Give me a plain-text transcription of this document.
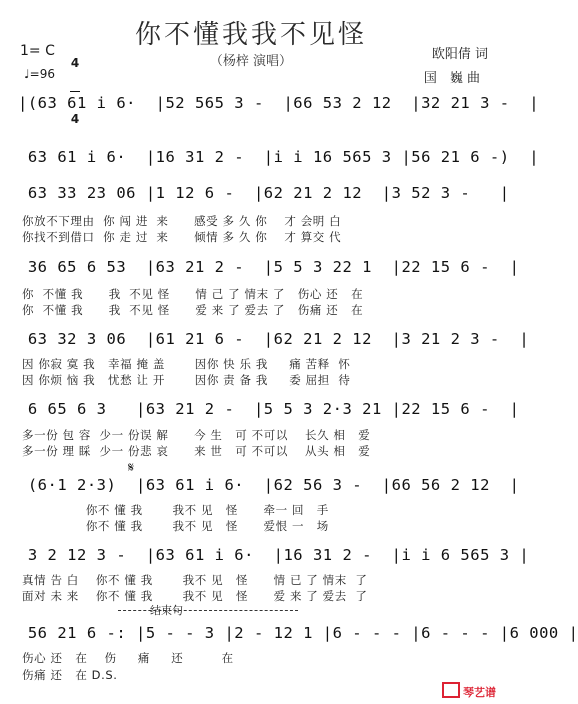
你不懂我我不见怪
（杨梓 演唱）
1= C

4

4

♩=96
欧阳倩 词
国　巍 曲
|(63 61 i 6·  |52 565 3 -  |66 53 2 12  |32 21 3 -  |
63 61 i 6·  |16 31 2 -  |i i 16 565 3 |56 21 6 -)  |
63 33 23 06 |1 12 6 -  |62 21 2 12  |3 52 3 -   |
你放不下理由  你 闯 进  来      感受 多 久 你    才 会明 白
你找不到借口  你 走 过  来      倾情 多 久 你    才 算交 代
36 65 6 53  |63 21 2 -  |5 5 3 22 1  |22 15 6 -  |
你  不懂 我      我  不见 怪      情 己 了 情末 了   伤心 还   在
你  不懂 我      我  不见 怪      爱 来 了 爱去 了   伤痛 还   在
63 32 3 06  |61 21 6 -  |62 21 2 12  |3 21 2 3 -  |
因 你寂 寞 我   幸福 掩 盖       因你 快 乐 我     痛 苦释  怀
因 你烦 恼 我   忧愁 让 开       因你 责 备 我     委 屈担  待
6 65 6 3   |63 21 2 -  |5 5 3 2·3 21 |22 15 6 -  |
多一份 包 容  少一 份误 解      今 生   可 不可以    长久 相   爱
多一份 理 睬  少一 份悲 哀      来 世   可 不可以    从头 相   爱
𝄋
(6·1 2·3)  |63 61 i 6·  |62 56 3 -  |66 56 2 12  |
你不 懂 我       我不 见   怪      牵一 回   手
你不 懂 我       我不 见   怪      爱恨 一   场
3 2 12 3 -  |63 61 i 6·  |16 31 2 -  |i i 6 565 3 |
真情 告 白    你不 懂 我       我不 见   怪      情 已 了 情末  了
面对 未 来    你不 懂 我       我不 见   怪      爱 来 了 爱去  了
结束句
56 21 6 -: |5 - - 3 |2 - 12 1 |6 - - - |6 - - - |6 000 |
伤心 还   在    伤     痛     还         在
伤痛 还   在 D.S.
琴艺谱
